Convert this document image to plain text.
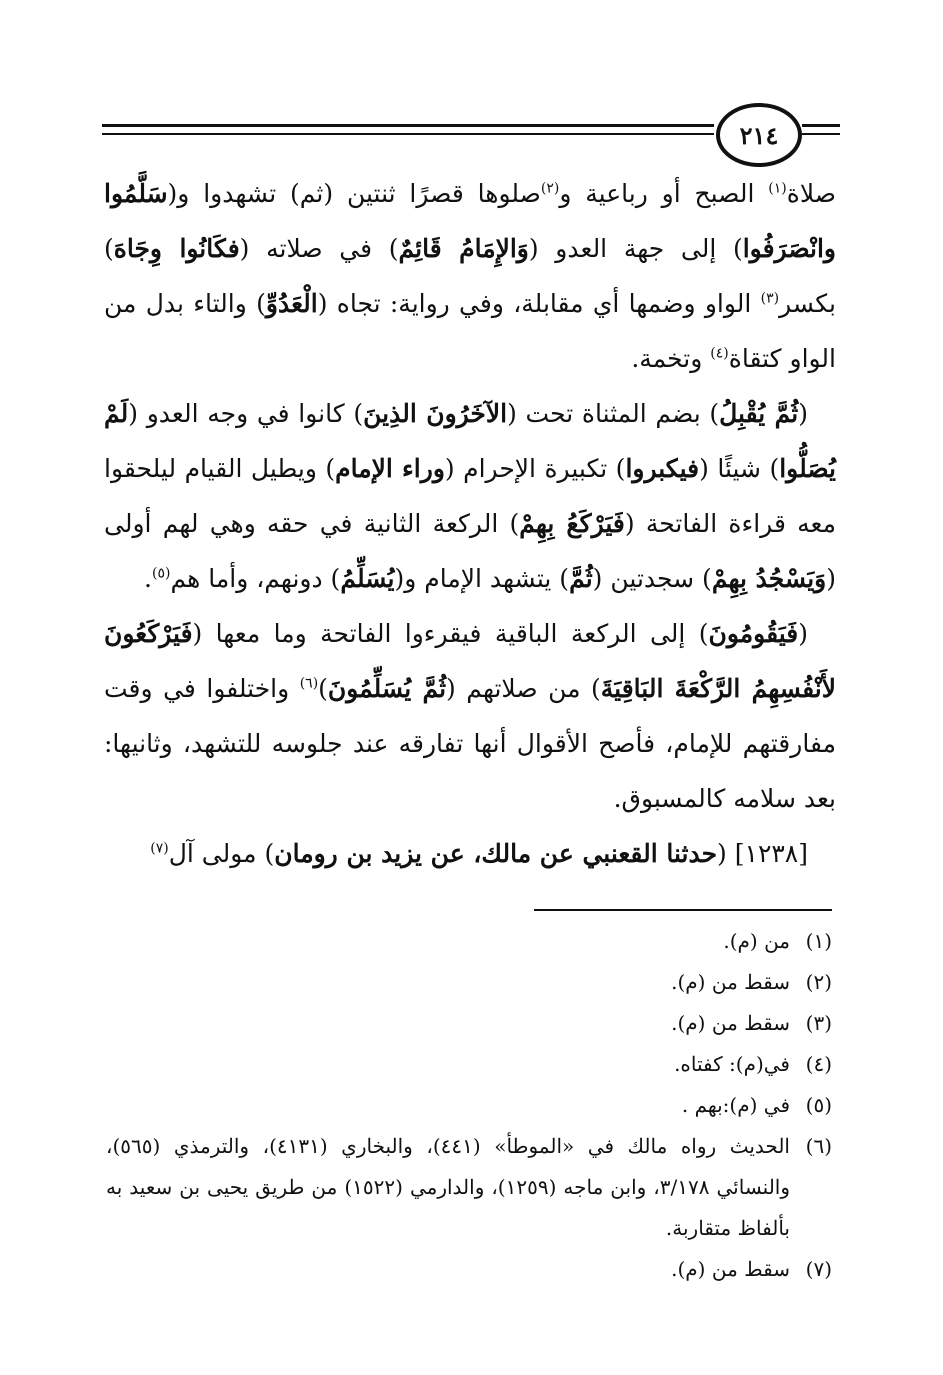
٢١٤

صلاة$^{(١)}$ الصبح أو رباعية و$^{(٢)}$صلوها قصرًا ثنتين (ثم) تشهدوا و(سَلَّمُوا وانْصَرَفُوا) إلى جهة العدو (وَالإِمَامُ قَائِمٌ) في صلاته (فكَانُوا وِجَاهَ) بكسر$^{(٣)}$ الواو وضمها أي مقابلة، وفي رواية: تجاه (الْعَدُوِّ) والتاء بدل من الواو كتقاة$^{(٤)}$ وتخمة.

(ثُمَّ يُقْبِلُ) بضم المثناة تحت (الآخَرُونَ الذِينَ) كانوا في وجه العدو (لَمْ يُصَلُّوا) شيئًا (فيكبروا) تكبيرة الإحرام (وراء الإمام) ويطيل القيام ليلحقوا معه قراءة الفاتحة (فَيَرْكَعُ بِهِمْ) الركعة الثانية في حقه وهي لهم أولى (وَيَسْجُدُ بِهِمْ) سجدتين (ثُمَّ) يتشهد الإمام و(يُسَلِّمُ) دونهم، وأما هم$^{(٥)}$.

(فَيَقُومُونَ) إلى الركعة الباقية فيقرءوا الفاتحة وما معها (فَيَرْكَعُونَ لأَنْفُسِهِمُ الرَّكْعَةَ البَاقِيَةَ) من صلاتهم (ثُمَّ يُسَلِّمُونَ)$^{(٦)}$ واختلفوا في وقت مفارقتهم للإمام، فأصح الأقوال أنها تفارقه عند جلوسه للتشهد، وثانيها: بعد سلامه كالمسبوق.

[١٢٣٨] (حدثنا القعنبي عن مالك، عن يزيد بن رومان) مولى آل$^{(٧)}$

(١)
من (م).
(٢)
سقط من (م).
(٣)
سقط من (م).
(٤)
في(م): كفتاه.
(٥)
في (م):بهم .
(٦)
الحديث رواه مالك في «الموطأ» (٤٤١)، والبخاري (٤١٣١)، والترمذي (٥٦٥)، والنسائي ٣/١٧٨، وابن ماجه (١٢٥٩)، والدارمي (١٥٢٢) من طريق يحيى بن سعيد به بألفاظ متقاربة.
(٧)
سقط من (م).
